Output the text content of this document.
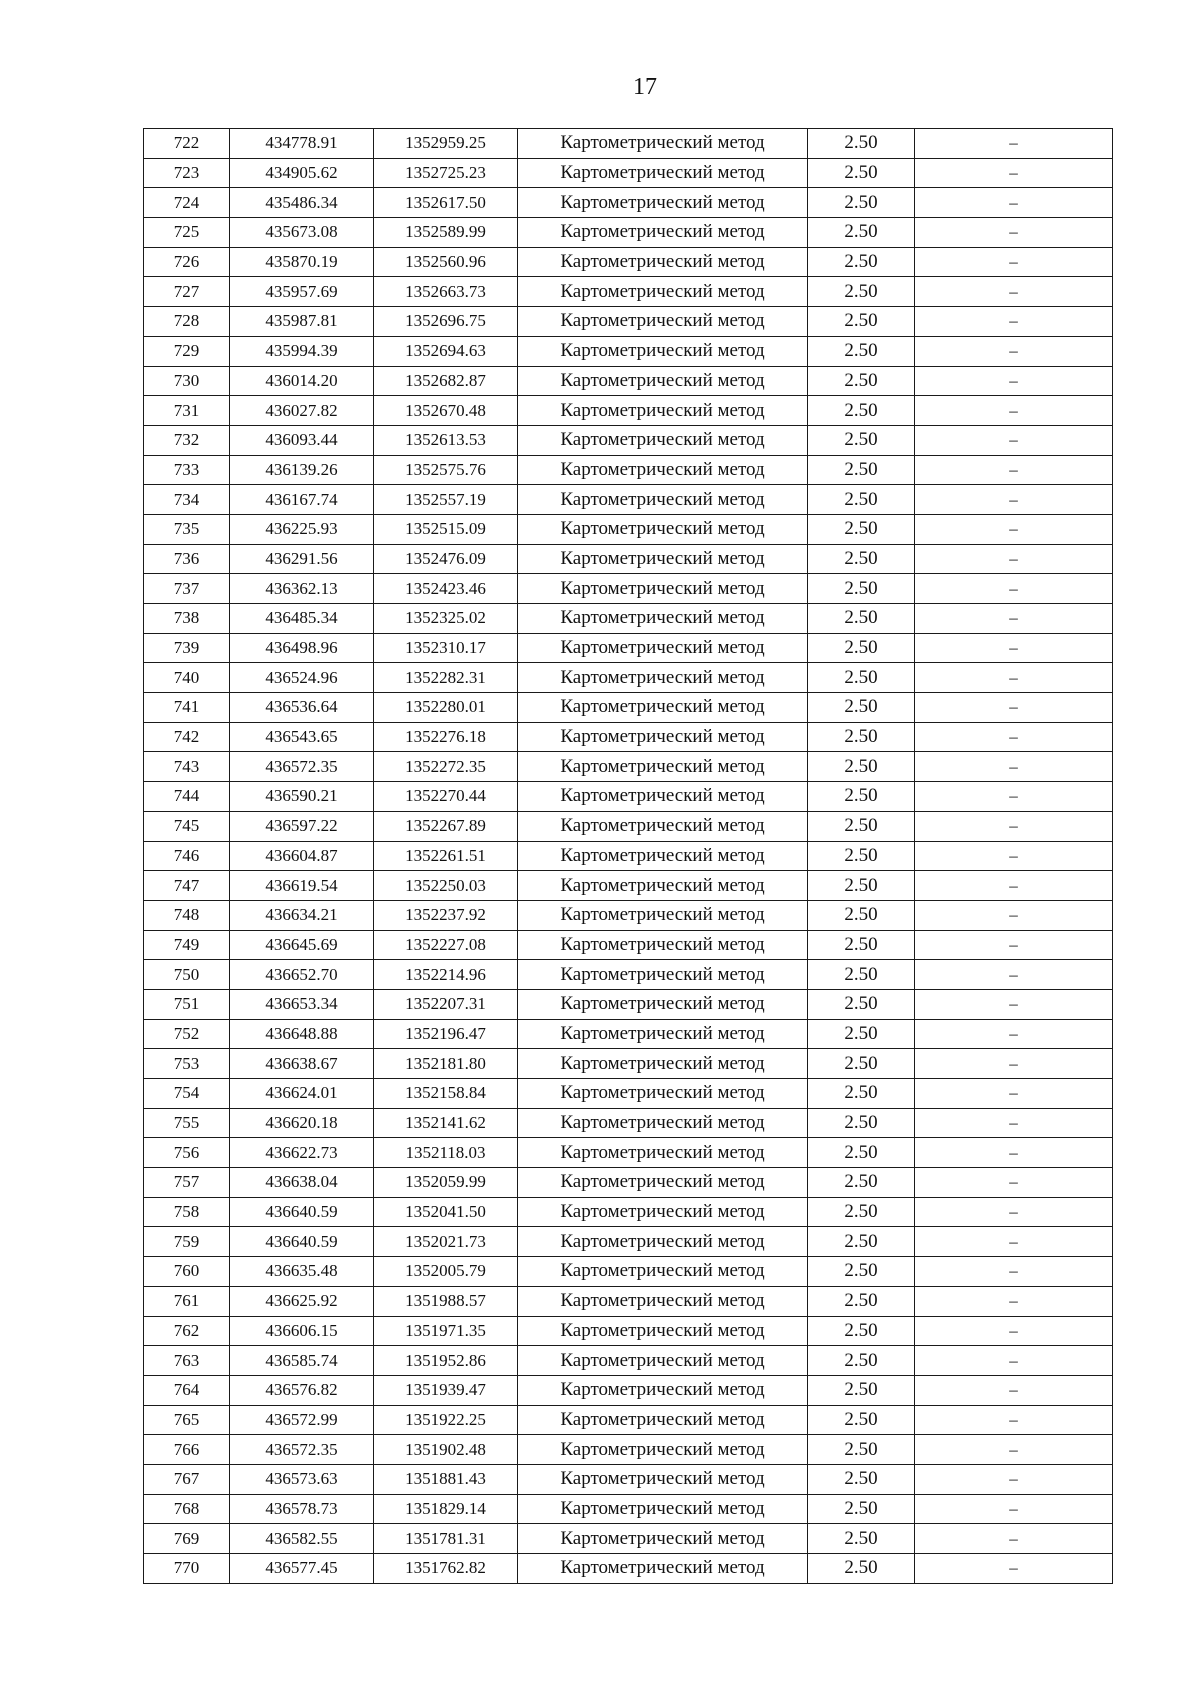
17
722	434778.91	1352959.25	Картометрический метод	2.50	–
723	434905.62	1352725.23	Картометрический метод	2.50	–
724	435486.34	1352617.50	Картометрический метод	2.50	–
725	435673.08	1352589.99	Картометрический метод	2.50	–
726	435870.19	1352560.96	Картометрический метод	2.50	–
727	435957.69	1352663.73	Картометрический метод	2.50	–
728	435987.81	1352696.75	Картометрический метод	2.50	–
729	435994.39	1352694.63	Картометрический метод	2.50	–
730	436014.20	1352682.87	Картометрический метод	2.50	–
731	436027.82	1352670.48	Картометрический метод	2.50	–
732	436093.44	1352613.53	Картометрический метод	2.50	–
733	436139.26	1352575.76	Картометрический метод	2.50	–
734	436167.74	1352557.19	Картометрический метод	2.50	–
735	436225.93	1352515.09	Картометрический метод	2.50	–
736	436291.56	1352476.09	Картометрический метод	2.50	–
737	436362.13	1352423.46	Картометрический метод	2.50	–
738	436485.34	1352325.02	Картометрический метод	2.50	–
739	436498.96	1352310.17	Картометрический метод	2.50	–
740	436524.96	1352282.31	Картометрический метод	2.50	–
741	436536.64	1352280.01	Картометрический метод	2.50	–
742	436543.65	1352276.18	Картометрический метод	2.50	–
743	436572.35	1352272.35	Картометрический метод	2.50	–
744	436590.21	1352270.44	Картометрический метод	2.50	–
745	436597.22	1352267.89	Картометрический метод	2.50	–
746	436604.87	1352261.51	Картометрический метод	2.50	–
747	436619.54	1352250.03	Картометрический метод	2.50	–
748	436634.21	1352237.92	Картометрический метод	2.50	–
749	436645.69	1352227.08	Картометрический метод	2.50	–
750	436652.70	1352214.96	Картометрический метод	2.50	–
751	436653.34	1352207.31	Картометрический метод	2.50	–
752	436648.88	1352196.47	Картометрический метод	2.50	–
753	436638.67	1352181.80	Картометрический метод	2.50	–
754	436624.01	1352158.84	Картометрический метод	2.50	–
755	436620.18	1352141.62	Картометрический метод	2.50	–
756	436622.73	1352118.03	Картометрический метод	2.50	–
757	436638.04	1352059.99	Картометрический метод	2.50	–
758	436640.59	1352041.50	Картометрический метод	2.50	–
759	436640.59	1352021.73	Картометрический метод	2.50	–
760	436635.48	1352005.79	Картометрический метод	2.50	–
761	436625.92	1351988.57	Картометрический метод	2.50	–
762	436606.15	1351971.35	Картометрический метод	2.50	–
763	436585.74	1351952.86	Картометрический метод	2.50	–
764	436576.82	1351939.47	Картометрический метод	2.50	–
765	436572.99	1351922.25	Картометрический метод	2.50	–
766	436572.35	1351902.48	Картометрический метод	2.50	–
767	436573.63	1351881.43	Картометрический метод	2.50	–
768	436578.73	1351829.14	Картометрический метод	2.50	–
769	436582.55	1351781.31	Картометрический метод	2.50	–
770	436577.45	1351762.82	Картометрический метод	2.50	–
